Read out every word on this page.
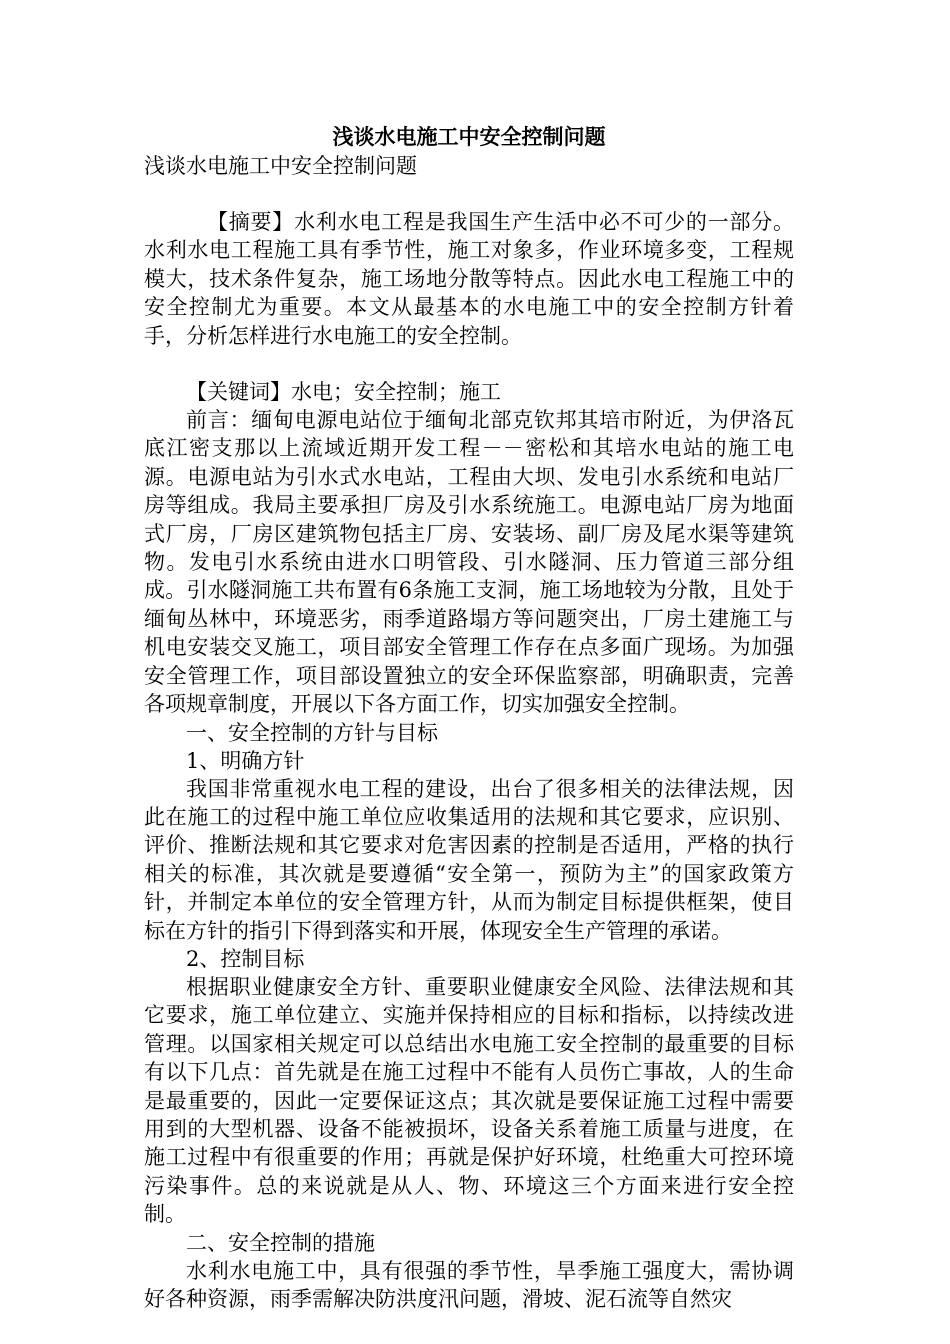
浅谈水电施工中安全控制问题
浅谈水电施工中安全控制问题
【摘要】水利水电工程是我国生产生活中必不可少的一部分。水利水电工程施工具有季节性，施工对象多，作业环境多变，工程规模大，技术条件复杂，施工场地分散等特点。因此水电工程施工中的安全控制尤为重要。本文从最基本的水电施工中的安全控制方针着手，分析怎样进行水电施工的安全控制。
【关键词】水电；安全控制；施工
前言：缅甸电源电站位于缅甸北部克钦邦其培市附近，为伊洛瓦底江密支那以上流域近期开发工程－－密松和其培水电站的施工电源。电源电站为引水式水电站，工程由大坝、发电引水系统和电站厂房等组成。我局主要承担厂房及引水系统施工。电源电站厂房为地面式厂房，厂房区建筑物包括主厂房、安装场、副厂房及尾水渠等建筑物。发电引水系统由进水口明管段、引水隧洞、压力管道三部分组成。引水隧洞施工共布置有6条施工支洞，施工场地较为分散，且处于缅甸丛林中，环境恶劣，雨季道路塌方等问题突出，厂房土建施工与机电安装交叉施工，项目部安全管理工作存在点多面广现场。为加强安全管理工作，项目部设置独立的安全环保监察部，明确职责，完善各项规章制度，开展以下各方面工作，切实加强安全控制。
一、安全控制的方针与目标
1、明确方针
我国非常重视水电工程的建设，出台了很多相关的法律法规，因此在施工的过程中施工单位应收集适用的法规和其它要求，应识别、评价、推断法规和其它要求对危害因素的控制是否适用，严格的执行相关的标准，其次就是要遵循“安全第一，预防为主”的国家政策方针，并制定本单位的安全管理方针，从而为制定目标提供框架，使目标在方针的指引下得到落实和开展，体现安全生产管理的承诺。
2、控制目标
根据职业健康安全方针、重要职业健康安全风险、法律法规和其它要求，施工单位建立、实施并保持相应的目标和指标，以持续改进管理。以国家相关规定可以总结出水电施工安全控制的最重要的目标有以下几点：首先就是在施工过程中不能有人员伤亡事故，人的生命是最重要的，因此一定要保证这点；其次就是要保证施工过程中需要用到的大型机器、设备不能被损坏，设备关系着施工质量与进度，在施工过程中有很重要的作用；再就是保护好环境，杜绝重大可控环境污染事件。总的来说就是从人、物、环境这三个方面来进行安全控制。
二、安全控制的措施
水利水电施工中，具有很强的季节性，旱季施工强度大，需协调好各种资源，雨季需解决防洪度汛问题，滑坡、泥石流等自然灾
